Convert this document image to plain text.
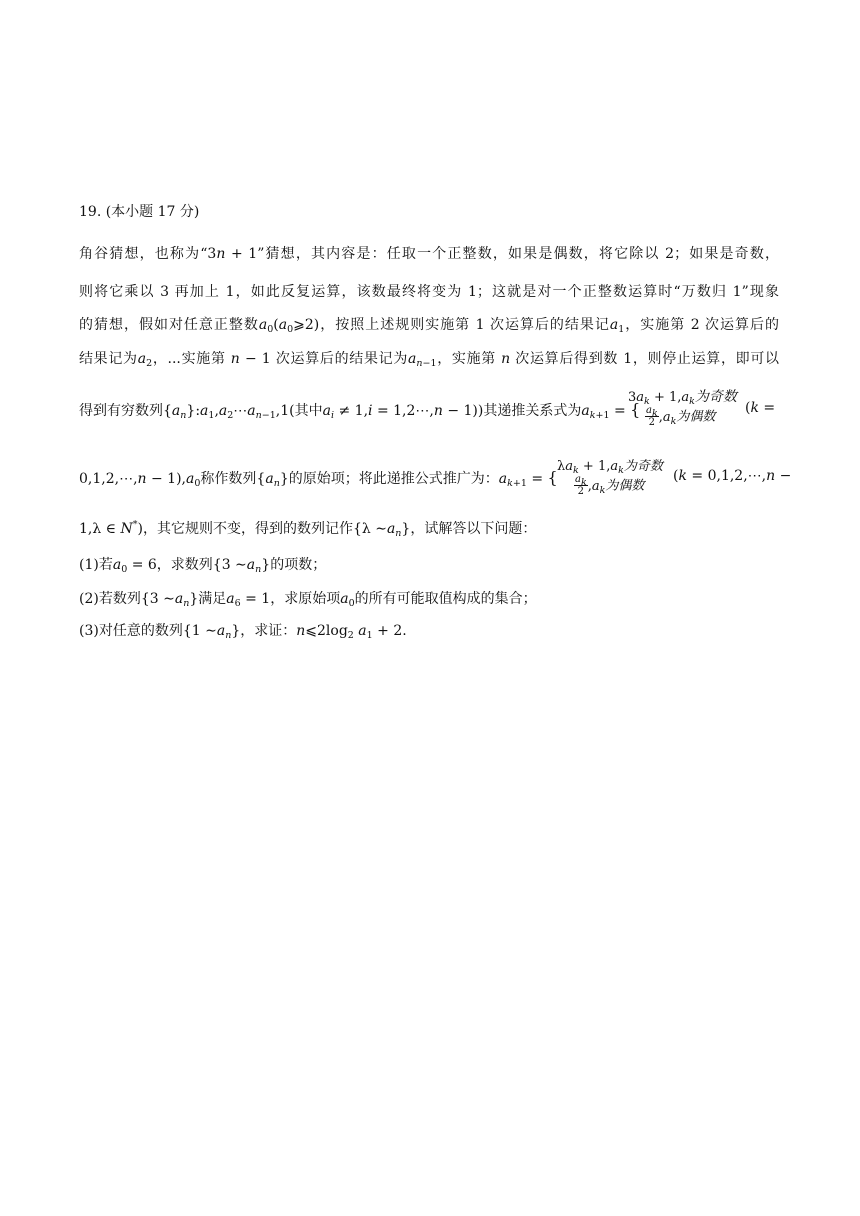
19. (本小题 17 分)
角谷猜想，也称为“3n + 1”猜想，其内容是：任取一个正整数，如果是偶数，将它除以 2；如果是奇数，
则将它乘以 3 再加上 1，如此反复运算，该数最终将变为 1；这就是对一个正整数运算时“万数归 1”现象
的猜想，假如对任意正整数$a_0(a_0⩾2)$，按照上述规则实施第 1 次运算后的结果记$a_1$，实施第 2 次运算后的
结果记为$a_2$，...实施第 n − 1 次运算后的结果记为$a_{n-1}$，实施第 n 次运算后得到数 1，则停止运算，即可以
得到有穷数列$\{a_n\}:a_1,a_2\cdots a_{n-1},1$(其中$a_i \ne 1,i$ = 1,2⋯,n − 1))其递推关系式为$a_{k+1}$ = {
$3a_k + 1,a_k$为奇数
$\frac{a_k}{2} ,a_k$为偶数
(k =
0,1,2,⋯,n − $1),a_0$称作数列$\{a_n\}$的原始项；将此递推公式推广为：$a_{k+1}$ = {
$\lambda a_k + 1,a_k$为奇数
$\frac{a_k}{2} ,a_k$为偶数
(k = 0,1,2,⋯,n −
1,λ ∈ N*)，其它规则不变，得到的数列记作{λ $\sim a_n$}，试解答以下问题：
(1)若$a_0 = 6$，求数列{3 $\sim a_n$}的项数；
(2)若数列{3 $\sim a_n$}满足$a_6 = 1$，求原始项$a_0$的所有可能取值构成的集合；
(3)对任意的数列{1 $\sim a_n$}，求证：$n⩽2\log_2$ $a_1 + 2$.
